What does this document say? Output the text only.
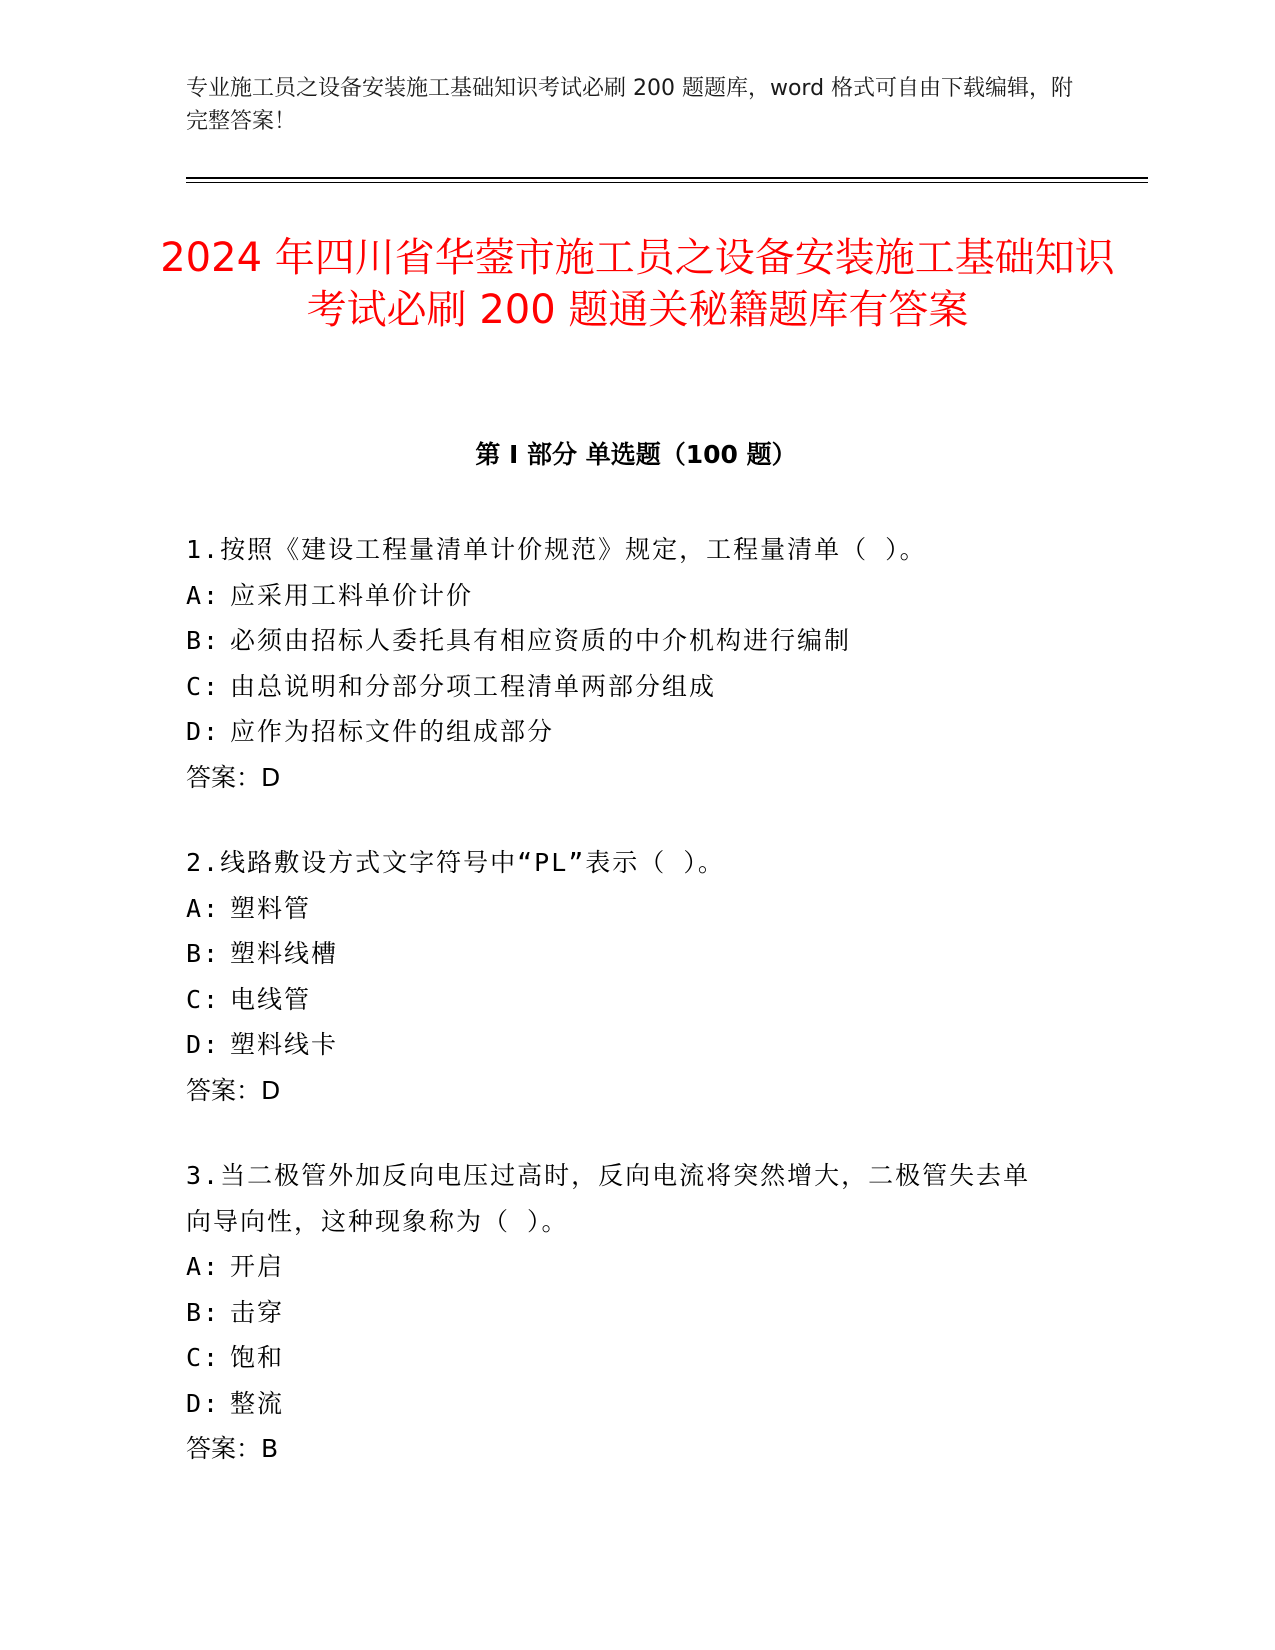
专业施工员之设备安装施工基础知识考试必刷 200 题题库，word 格式可自由下载编辑，附完整答案！
2024 年四川省华蓥市施工员之设备安装施工基础知识考试必刷 200 题通关秘籍题库有答案
第 I 部分 单选题（100 题）
1.按照《建设工程量清单计价规范》规定，工程量清单（ ）。
A: 应采用工料单价计价
B: 必须由招标人委托具有相应资质的中介机构进行编制
C: 由总说明和分部分项工程清单两部分组成
D: 应作为招标文件的组成部分
答案：D
2.线路敷设方式文字符号中“PL”表示（ ）。
A: 塑料管
B: 塑料线槽
C: 电线管
D: 塑料线卡
答案：D
3.当二极管外加反向电压过高时，反向电流将突然增大，二极管失去单向导向性，这种现象称为（ ）。
A: 开启
B: 击穿
C: 饱和
D: 整流
答案：B
